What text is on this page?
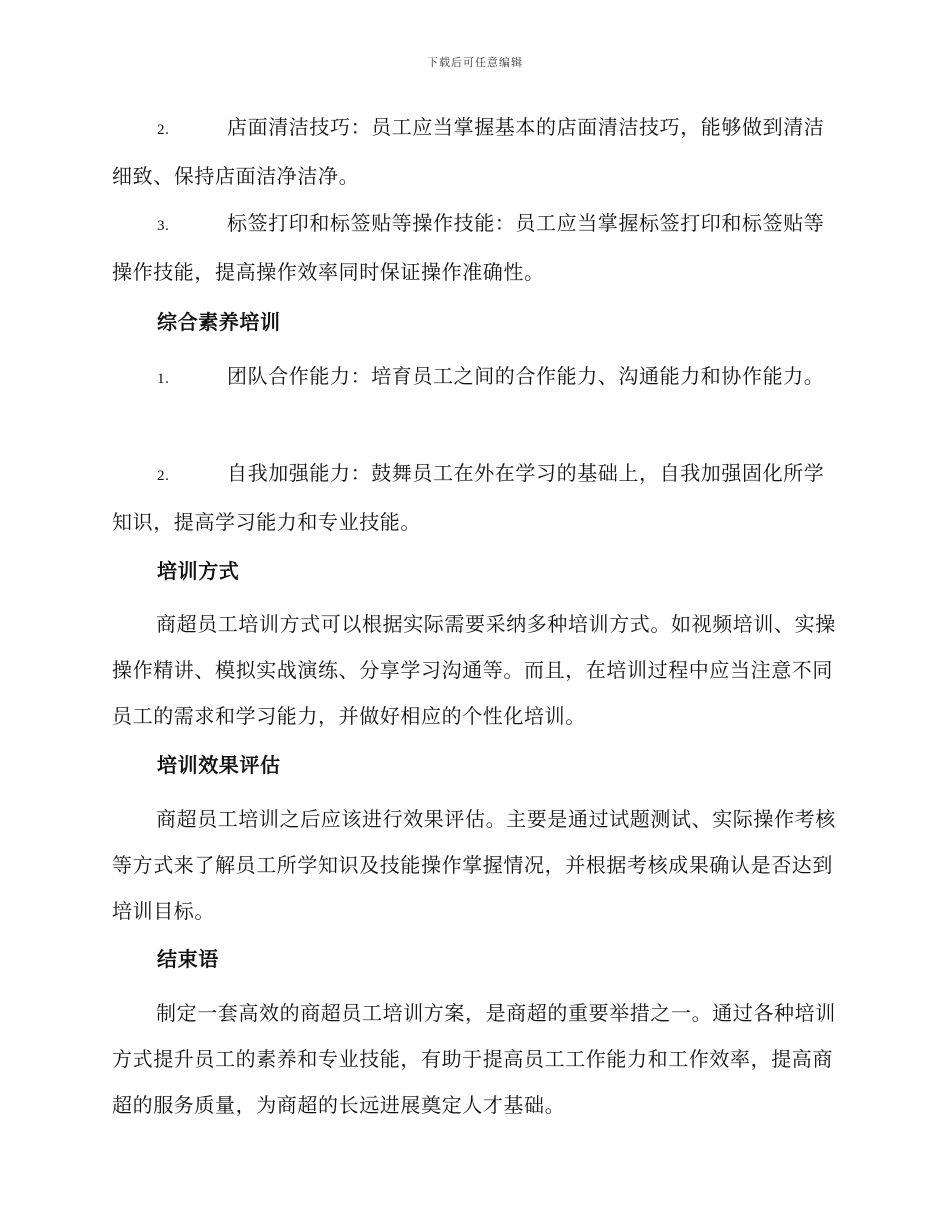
下载后可任意编辑
2.	店面清洁技巧：员工应当掌握基本的店面清洁技巧，能够做到清洁细致、保持店面洁净洁净。
3.	标签打印和标签贴等操作技能：员工应当掌握标签打印和标签贴等操作技能，提高操作效率同时保证操作准确性。
综合素养培训
1.	团队合作能力：培育员工之间的合作能力、沟通能力和协作能力。
2.	自我加强能力：鼓舞员工在外在学习的基础上，自我加强固化所学知识，提高学习能力和专业技能。
培训方式
商超员工培训方式可以根据实际需要采纳多种培训方式。如视频培训、实操操作精讲、模拟实战演练、分享学习沟通等。而且，在培训过程中应当注意不同员工的需求和学习能力，并做好相应的个性化培训。
培训效果评估
商超员工培训之后应该进行效果评估。主要是通过试题测试、实际操作考核等方式来了解员工所学知识及技能操作掌握情况，并根据考核成果确认是否达到培训目标。
结束语
制定一套高效的商超员工培训方案，是商超的重要举措之一。通过各种培训方式提升员工的素养和专业技能，有助于提高员工工作能力和工作效率，提高商超的服务质量，为商超的长远进展奠定人才基础。
